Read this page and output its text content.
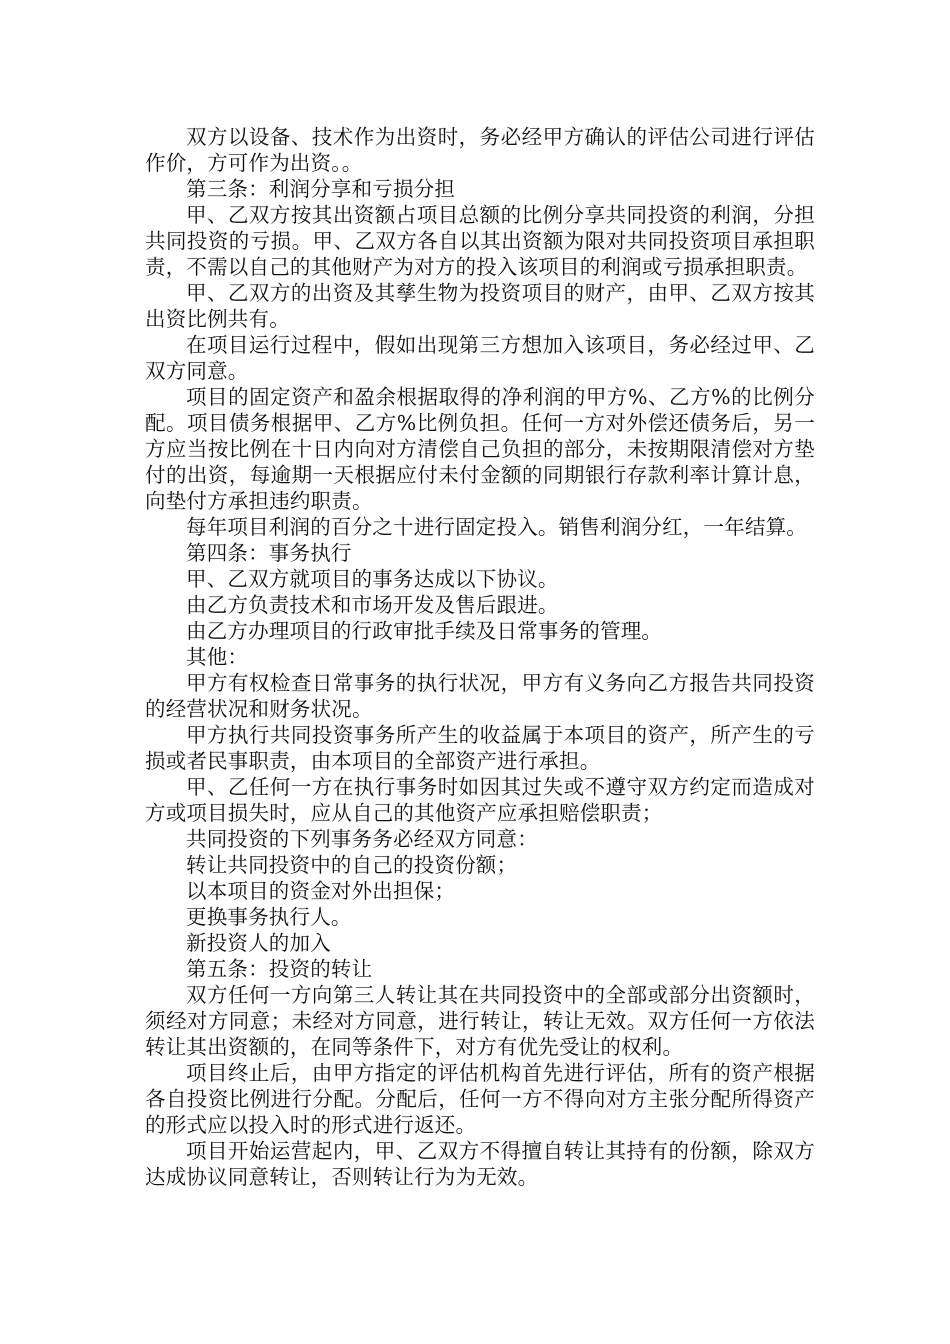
双方以设备、技术作为出资时，务必经甲方确认的评估公司进行评估作价，方可作为出资。。

第三条：利润分享和亏损分担

甲、乙双方按其出资额占项目总额的比例分享共同投资的利润，分担共同投资的亏损。甲、乙双方各自以其出资额为限对共同投资项目承担职责，不需以自己的其他财产为对方的投入该项目的利润或亏损承担职责。

甲、乙双方的出资及其孳生物为投资项目的财产，由甲、乙双方按其出资比例共有。

在项目运行过程中，假如出现第三方想加入该项目，务必经过甲、乙双方同意。

项目的固定资产和盈余根据取得的净利润的甲方%、乙方%的比例分配。项目债务根据甲、乙方%比例负担。任何一方对外偿还债务后，另一方应当按比例在十日内向对方清偿自己负担的部分，未按期限清偿对方垫付的出资，每逾期一天根据应付未付金额的同期银行存款利率计算计息，向垫付方承担违约职责。

每年项目利润的百分之十进行固定投入。销售利润分红，一年结算。

第四条：事务执行

甲、乙双方就项目的事务达成以下协议。

由乙方负责技术和市场开发及售后跟进。

由乙方办理项目的行政审批手续及日常事务的管理。

其他：

甲方有权检查日常事务的执行状况，甲方有义务向乙方报告共同投资的经营状况和财务状况。

甲方执行共同投资事务所产生的收益属于本项目的资产，所产生的亏损或者民事职责，由本项目的全部资产进行承担。

甲、乙任何一方在执行事务时如因其过失或不遵守双方约定而造成对方或项目损失时，应从自己的其他资产应承担赔偿职责；

共同投资的下列事务务必经双方同意：

转让共同投资中的自己的投资份额；

以本项目的资金对外出担保；

更换事务执行人。

新投资人的加入

第五条：投资的转让

双方任何一方向第三人转让其在共同投资中的全部或部分出资额时，须经对方同意；未经对方同意，进行转让，转让无效。双方任何一方依法转让其出资额的，在同等条件下，对方有优先受让的权利。

项目终止后，由甲方指定的评估机构首先进行评估，所有的资产根据各自投资比例进行分配。分配后，任何一方不得向对方主张分配所得资产的形式应以投入时的形式进行返还。

项目开始运营起内，甲、乙双方不得擅自转让其持有的份额，除双方达成协议同意转让，否则转让行为为无效。
